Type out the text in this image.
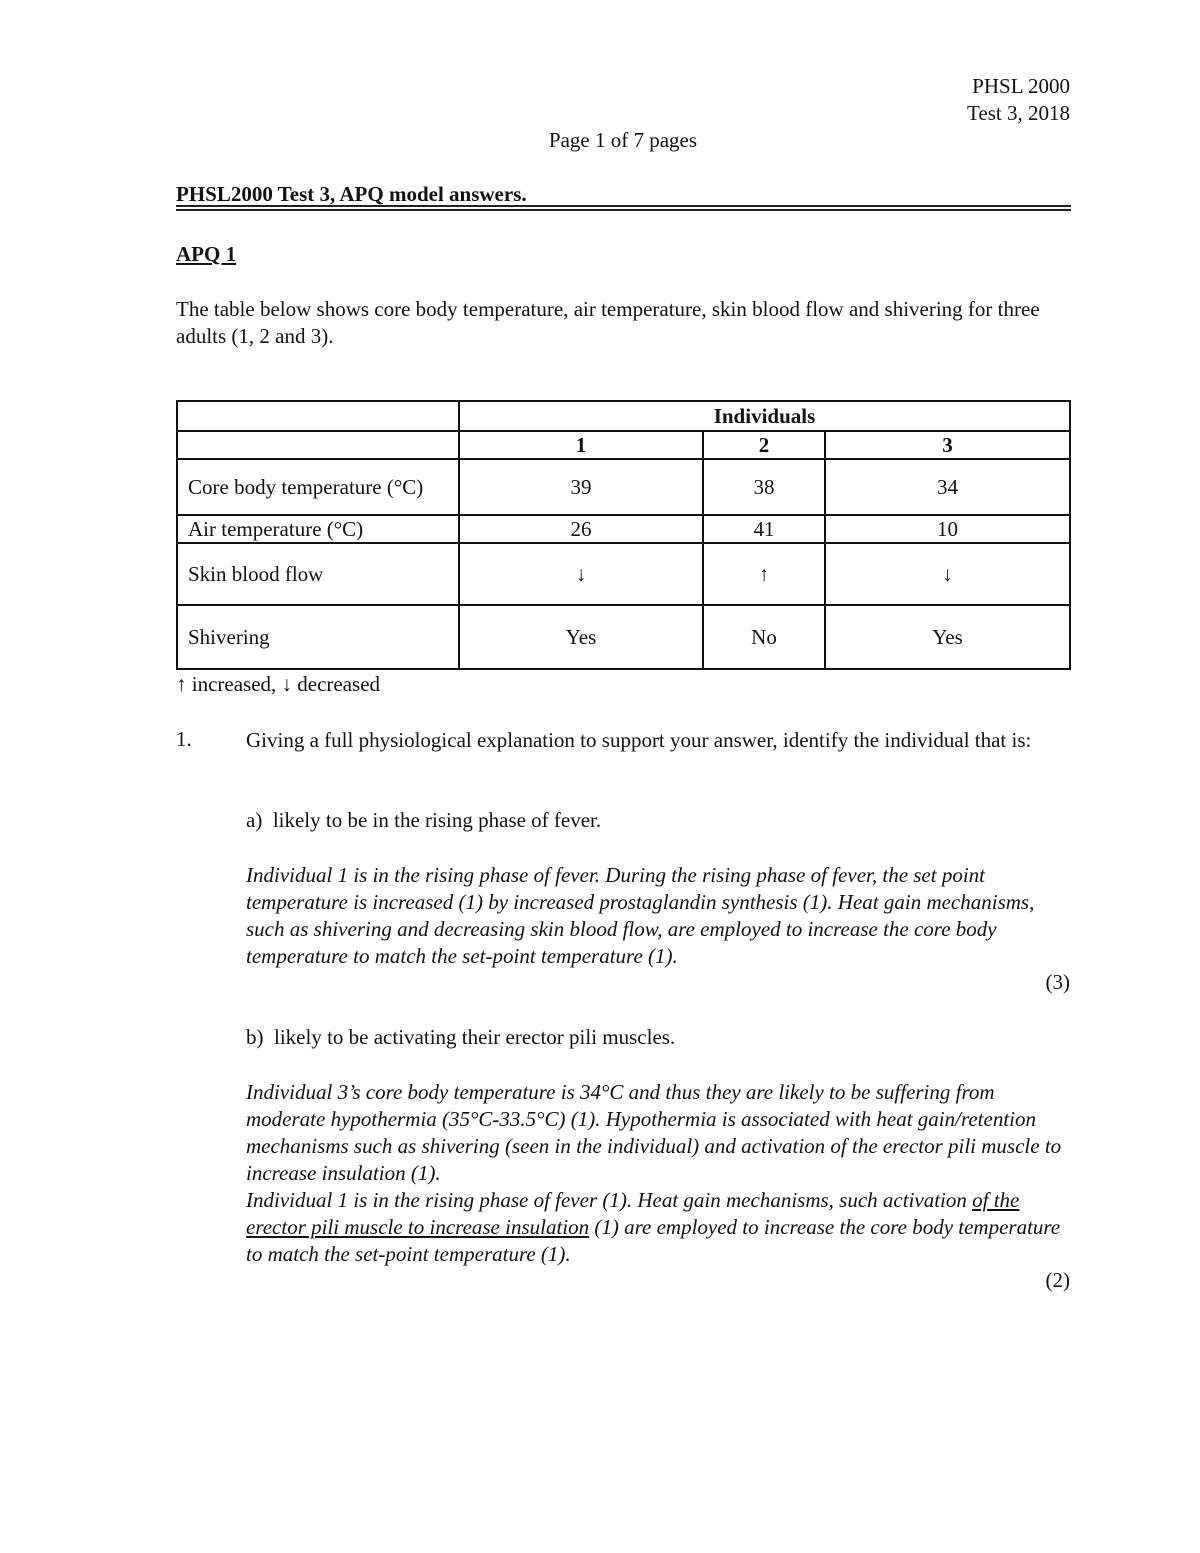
PHSL 2000
Test 3, 2018
Page 1 of 7 pages
PHSL2000 Test 3, APQ model answers.
APQ 1
The table below shows core body temperature, air temperature, skin blood flow and shivering for three adults (1, 2 and 3).
	Individuals		
	1	2	3
Core body temperature (°C)	39	38	34
Air temperature (°C)	26	41	10
Skin blood flow	↓	↑	↓
Shivering	Yes	No	Yes
↑ increased, ↓ decreased
1.	Giving a full physiological explanation to support your answer, identify the individual that is:
a)  likely to be in the rising phase of fever.
Individual 1 is in the rising phase of fever. During the rising phase of fever, the set point temperature is increased (1) by increased prostaglandin synthesis (1). Heat gain mechanisms, such as shivering and decreasing skin blood flow, are employed to increase the core body temperature to match the set-point temperature (1).
(3)
b)  likely to be activating their erector pili muscles.
Individual 3’s core body temperature is 34°C and thus they are likely to be suffering from moderate hypothermia (35°C-33.5°C) (1). Hypothermia is associated with heat gain/retention mechanisms such as shivering (seen in the individual) and activation of the erector pili muscle to increase insulation (1).
Individual 1 is in the rising phase of fever (1). Heat gain mechanisms, such activation of the erector pili muscle to increase insulation (1) are employed to increase the core body temperature to match the set-point temperature (1).
(2)
